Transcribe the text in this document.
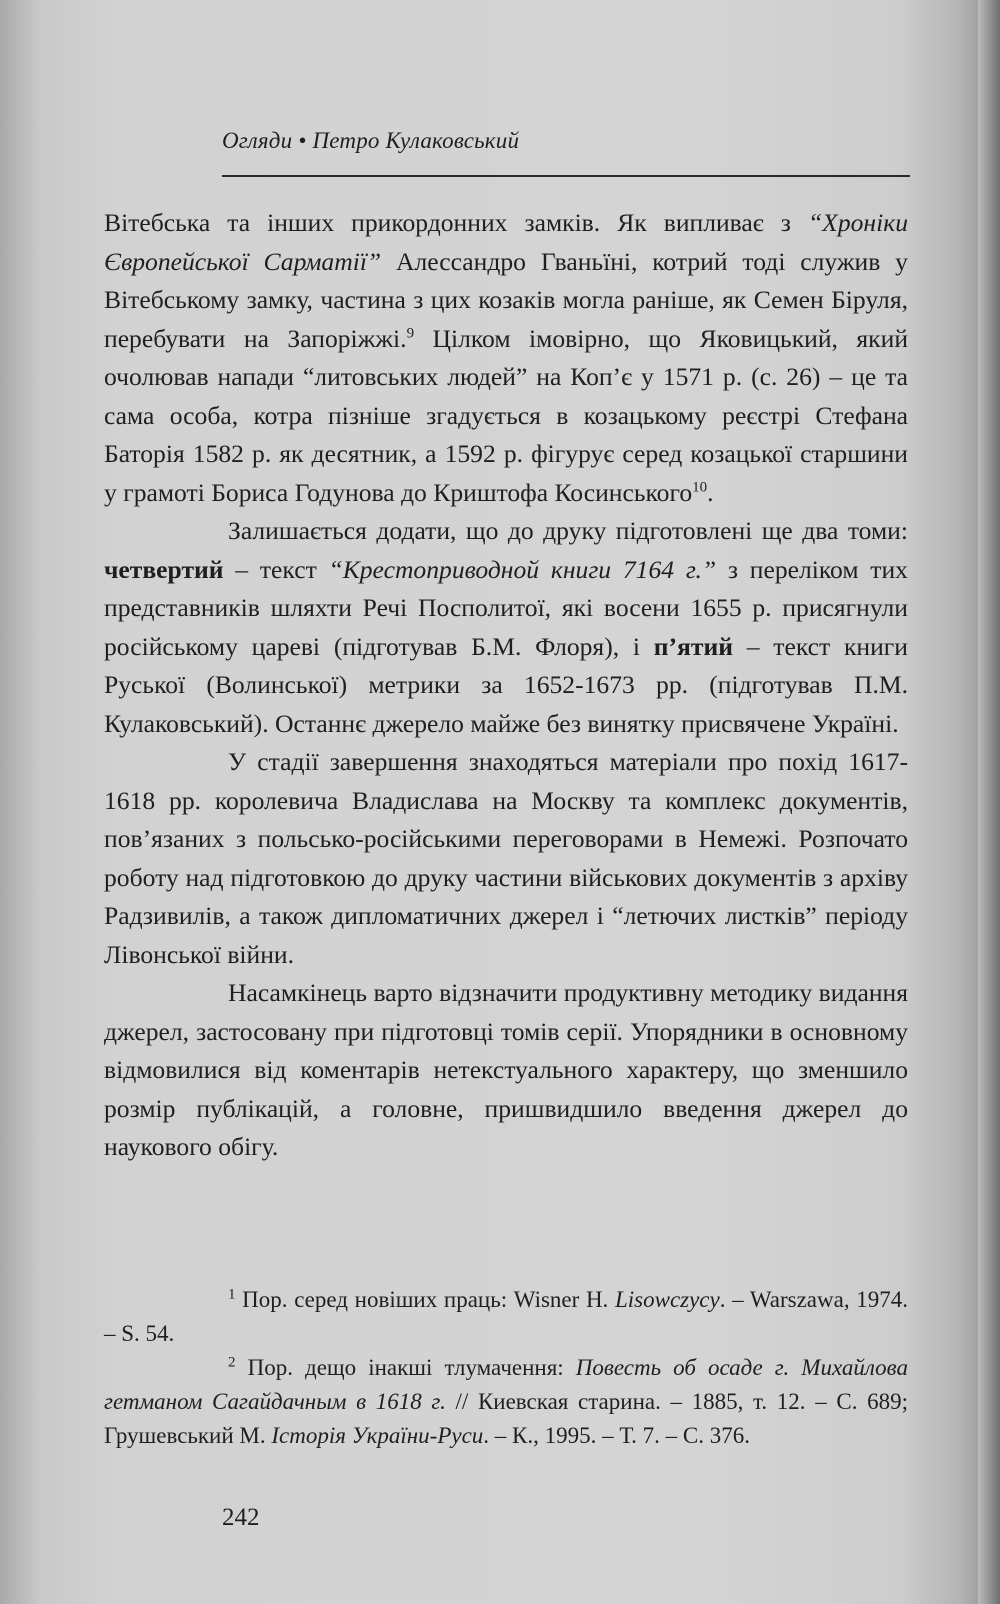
Огляди • Петро Кулаковський

Вітебська та інших прикордонних замків. Як випливає з “Хроніки Європейської Сарматії” Алессандро Гваньїні, котрий тоді служив у Вітебському замку, частина з цих козаків могла раніше, як Семен Біруля, перебувати на Запоріжжі.$^9$ Цілком імовірно, що Яковицький, який очолював напади “литовських людей” на Коп’є у 1571 р. (с. 26) – це та сама особа, котра пізніше згадується в козацькому реєстрі Стефана Баторія 1582 р. як десятник, а 1592 р. фігурує серед козацької старшини у грамоті Бориса Годунова до Криштофа Косинського$^{10}$.

Залишається додати, що до друку підготовлені ще два томи: четвертий – текст “Крестоприводной книги 7164 г.” з переліком тих представників шляхти Речі Посполитої, які восени 1655 р. присягнули російському цареві (підготував Б.М. Флоря), і п’ятий – текст книги Руської (Волинської) метрики за 1652-1673 рр. (підготував П.М. Кулаковський). Останнє джерело майже без винятку присвячене Україні.

У стадії завершення знаходяться матеріали про похід 1617-1618 рр. королевича Владислава на Москву та комплекс документів, пов’язаних з польсько-російськими переговорами в Немежі. Розпочато роботу над підготовкою до друку частини військових документів з архіву Радзивилів, а також дипломатичних джерел і “летючих листків” періоду Лівонської війни.

Насамкінець варто відзначити продуктивну методику видання джерел, застосовану при підготовці томів серії. Упорядники в основному відмовилися від коментарів нетекстуального характеру, що зменшило розмір публікацій, а головне, пришвидшило введення джерел до наукового обігу.

$^1$ Пор. серед новіших праць: Wisner H. Lisowczycy. – Warszawa, 1974. – S. 54.

$^2$ Пор. дещо інакші тлумачення: Повесть об осаде г. Михайлова гетманом Сагайдачным в 1618 г. // Киевская старина. – 1885, т. 12. – С. 689; Грушевський М. Історія України-Руси. – К., 1995. – Т. 7. – С. 376.

242
